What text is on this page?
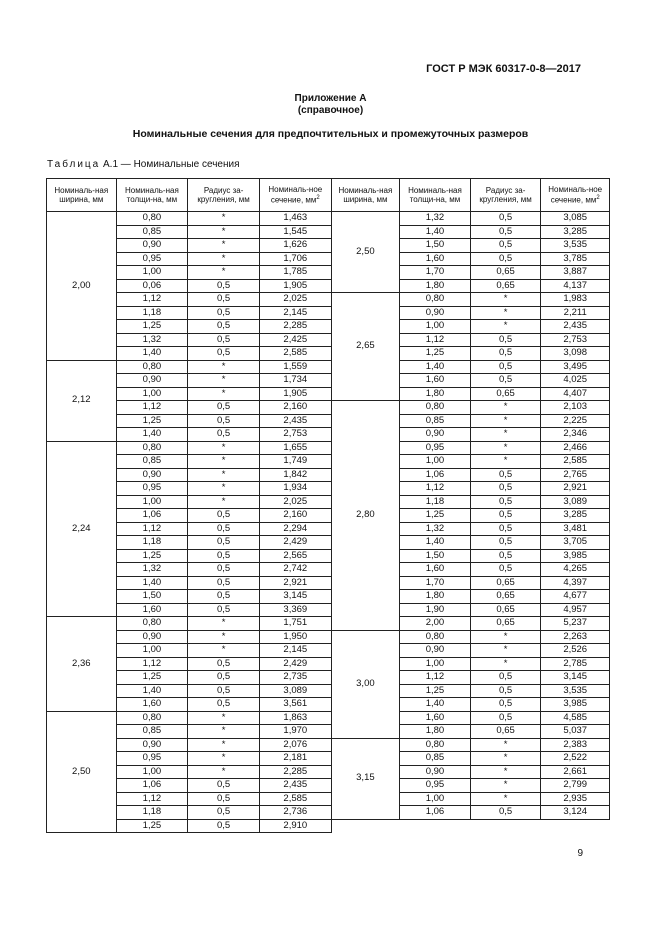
ГОСТ Р МЭК 60317-0-8—2017
Приложение А
(справочное)
Номинальные сечения для предпочтительных и промежуточных размеров
Таблица А.1 — Номинальные сечения
Номиналь-ная ширина, мм	Номиналь-ная толщи-на, мм	Радиус за-кругления, мм	Номиналь-ное сечение, $мм^2$	Номиналь-ная ширина, мм	Номиналь-ная толщи-на, мм	Радиус за-кругления, мм	Номиналь-ное сечение, $мм^2$
2,00	0,80	*	1,463	2,50	1,32	0,5	3,085
	0,85	*	1,545		1,40	0,5	3,285
	0,90	*	1,626		1,50	0,5	3,535
	0,95	*	1,706		1,60	0,5	3,785
	1,00	*	1,785		1,70	0,65	3,887
	0,06	0,5	1,905		1,80	0,65	4,137
	1,12	0,5	2,025	2,65	0,80	*	1,983
	1,18	0,5	2,145		0,90	*	2,211
	1,25	0,5	2,285		1,00	*	2,435
	1,32	0,5	2,425		1,12	0,5	2,753
	1,40	0,5	2,585		1,25	0,5	3,098
2,12	0,80	*	1,559		1,40	0,5	3,495
	0,90	*	1,734		1,60	0,5	4,025
	1,00	*	1,905		1,80	0,65	4,407
	1,12	0,5	2,160	2,80	0,80	*	2,103
	1,25	0,5	2,435		0,85	*	2,225
	1,40	0,5	2,753		0,90	*	2,346
2,24	0,80	*	1,655		0,95	*	2,466
	0,85	*	1,749		1,00	*	2,585
	0,90	*	1,842		1,06	0,5	2,765
	0,95	*	1,934		1,12	0,5	2,921
	1,00	*	2,025		1,18	0,5	3,089
	1,06	0,5	2,160		1,25	0,5	3,285
	1,12	0,5	2,294		1,32	0,5	3,481
	1,18	0,5	2,429		1,40	0,5	3,705
	1,25	0,5	2,565		1,50	0,5	3,985
	1,32	0,5	2,742		1,60	0,5	4,265
	1,40	0,5	2,921		1,70	0,65	4,397
	1,50	0,5	3,145		1,80	0,65	4,677
	1,60	0,5	3,369		1,90	0,65	4,957
2,36	0,80	*	1,751		2,00	0,65	5,237
	0,90	*	1,950	3,00	0,80	*	2,263
	1,00	*	2,145		0,90	*	2,526
	1,12	0,5	2,429		1,00	*	2,785
	1,25	0,5	2,735		1,12	0,5	3,145
	1,40	0,5	3,089		1,25	0,5	3,535
	1,60	0,5	3,561		1,40	0,5	3,985
2,50	0,80	*	1,863		1,60	0,5	4,585
	0,85	*	1,970		1,80	0,65	5,037
	0,90	*	2,076	3,15	0,80	*	2,383
	0,95	*	2,181		0,85	*	2,522
	1,00	*	2,285		0,90	*	2,661
	1,06	0,5	2,435		0,95	*	2,799
	1,12	0,5	2,585		1,00	*	2,935
	1,18	0,5	2,736		1,06	0,5	3,124
	1,25	0,5	2,910				
9
